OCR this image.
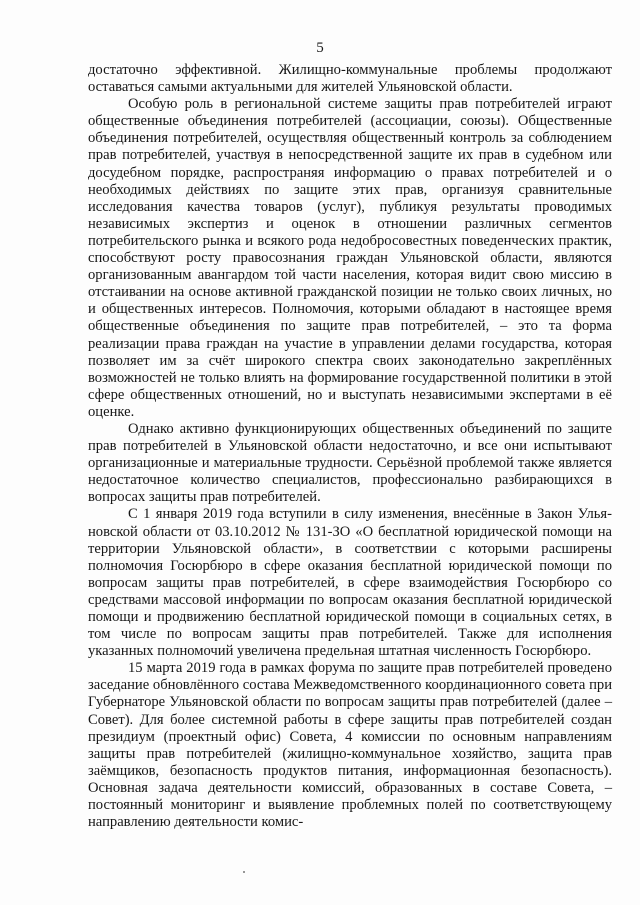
5

достаточно эффективной. Жилищно-коммунальные проблемы продолжают оставаться самыми актуальными для жителей Ульяновской области.

Особую роль в региональной системе защиты прав потребителей играют общественные объединения потребителей (ассоциации, союзы). Общественные объединения потребителей, осуществляя общественный контроль за соблюдением прав потребителей, участвуя в непосредственной защите их прав в судебном или досудебном порядке, распространяя информацию о правах потребителей и о необходимых действиях по защите этих прав, организуя сравнительные исследования качества товаров (услуг), публикуя результаты проводимых независимых экспертиз и оценок в отношении различных сегментов потребительского рынка и всякого рода недобросовестных поведенческих практик, способствуют росту правосознания граждан Ульяновской области, являются организованным авангардом той части населения, которая видит свою миссию в отстаивании на основе активной гражданской позиции не только своих личных, но и общественных интересов. Полномочия, которыми обладают в настоящее время общественные объединения по защите прав потребителей, – это та форма реализации права граждан на участие в управлении делами государства, которая позволяет им за счёт широкого спектра своих законодательно закреплённых возможностей не только влиять на формирование государственной политики в этой сфере общественных отношений, но и выступать независимыми экспертами в её оценке.

Однако активно функционирующих общественных объединений по защите прав потребителей в Ульяновской области недостаточно, и все они испытывают организационные и материальные трудности. Серьёзной проблемой также является недостаточное количество специалистов, профессионально разбирающихся в вопросах защиты прав потребителей.

С 1 января 2019 года вступили в силу изменения, внесённые в Закон Ульяновской области от 03.10.2012 № 131-ЗО «О бесплатной юридической помощи на территории Ульяновской области», в соответствии с которыми расширены полномочия Госюрбюро в сфере оказания бесплатной юридической помощи по вопросам защиты прав потребителей, в сфере взаимодействия Госюрбюро со средствами массовой информации по вопросам оказания бесплатной юридической помощи и продвижению бесплатной юридической помощи в социальных сетях, в том числе по вопросам защиты прав потребителей. Также для исполнения указанных полномочий увеличена предельная штатная численность Госюрбюро.

15 марта 2019 года в рамках форума по защите прав потребителей проведено заседание обновлённого состава Межведомственного координационного совета при Губернаторе Ульяновской области по вопросам защиты прав потребителей (далее – Совет). Для более системной работы в сфере защиты прав потребителей создан президиум (проектный офис) Совета, 4 комиссии по основным направлениям защиты прав потребителей (жилищно-коммунальное хозяйство, защита прав заёмщиков, безопасность продуктов питания, информационная безопасность). Основная задача деятельности комиссий, образованных в составе Совета, – постоянный мониторинг и выявление проблемных полей по соответствующему направлению деятельности комис-
